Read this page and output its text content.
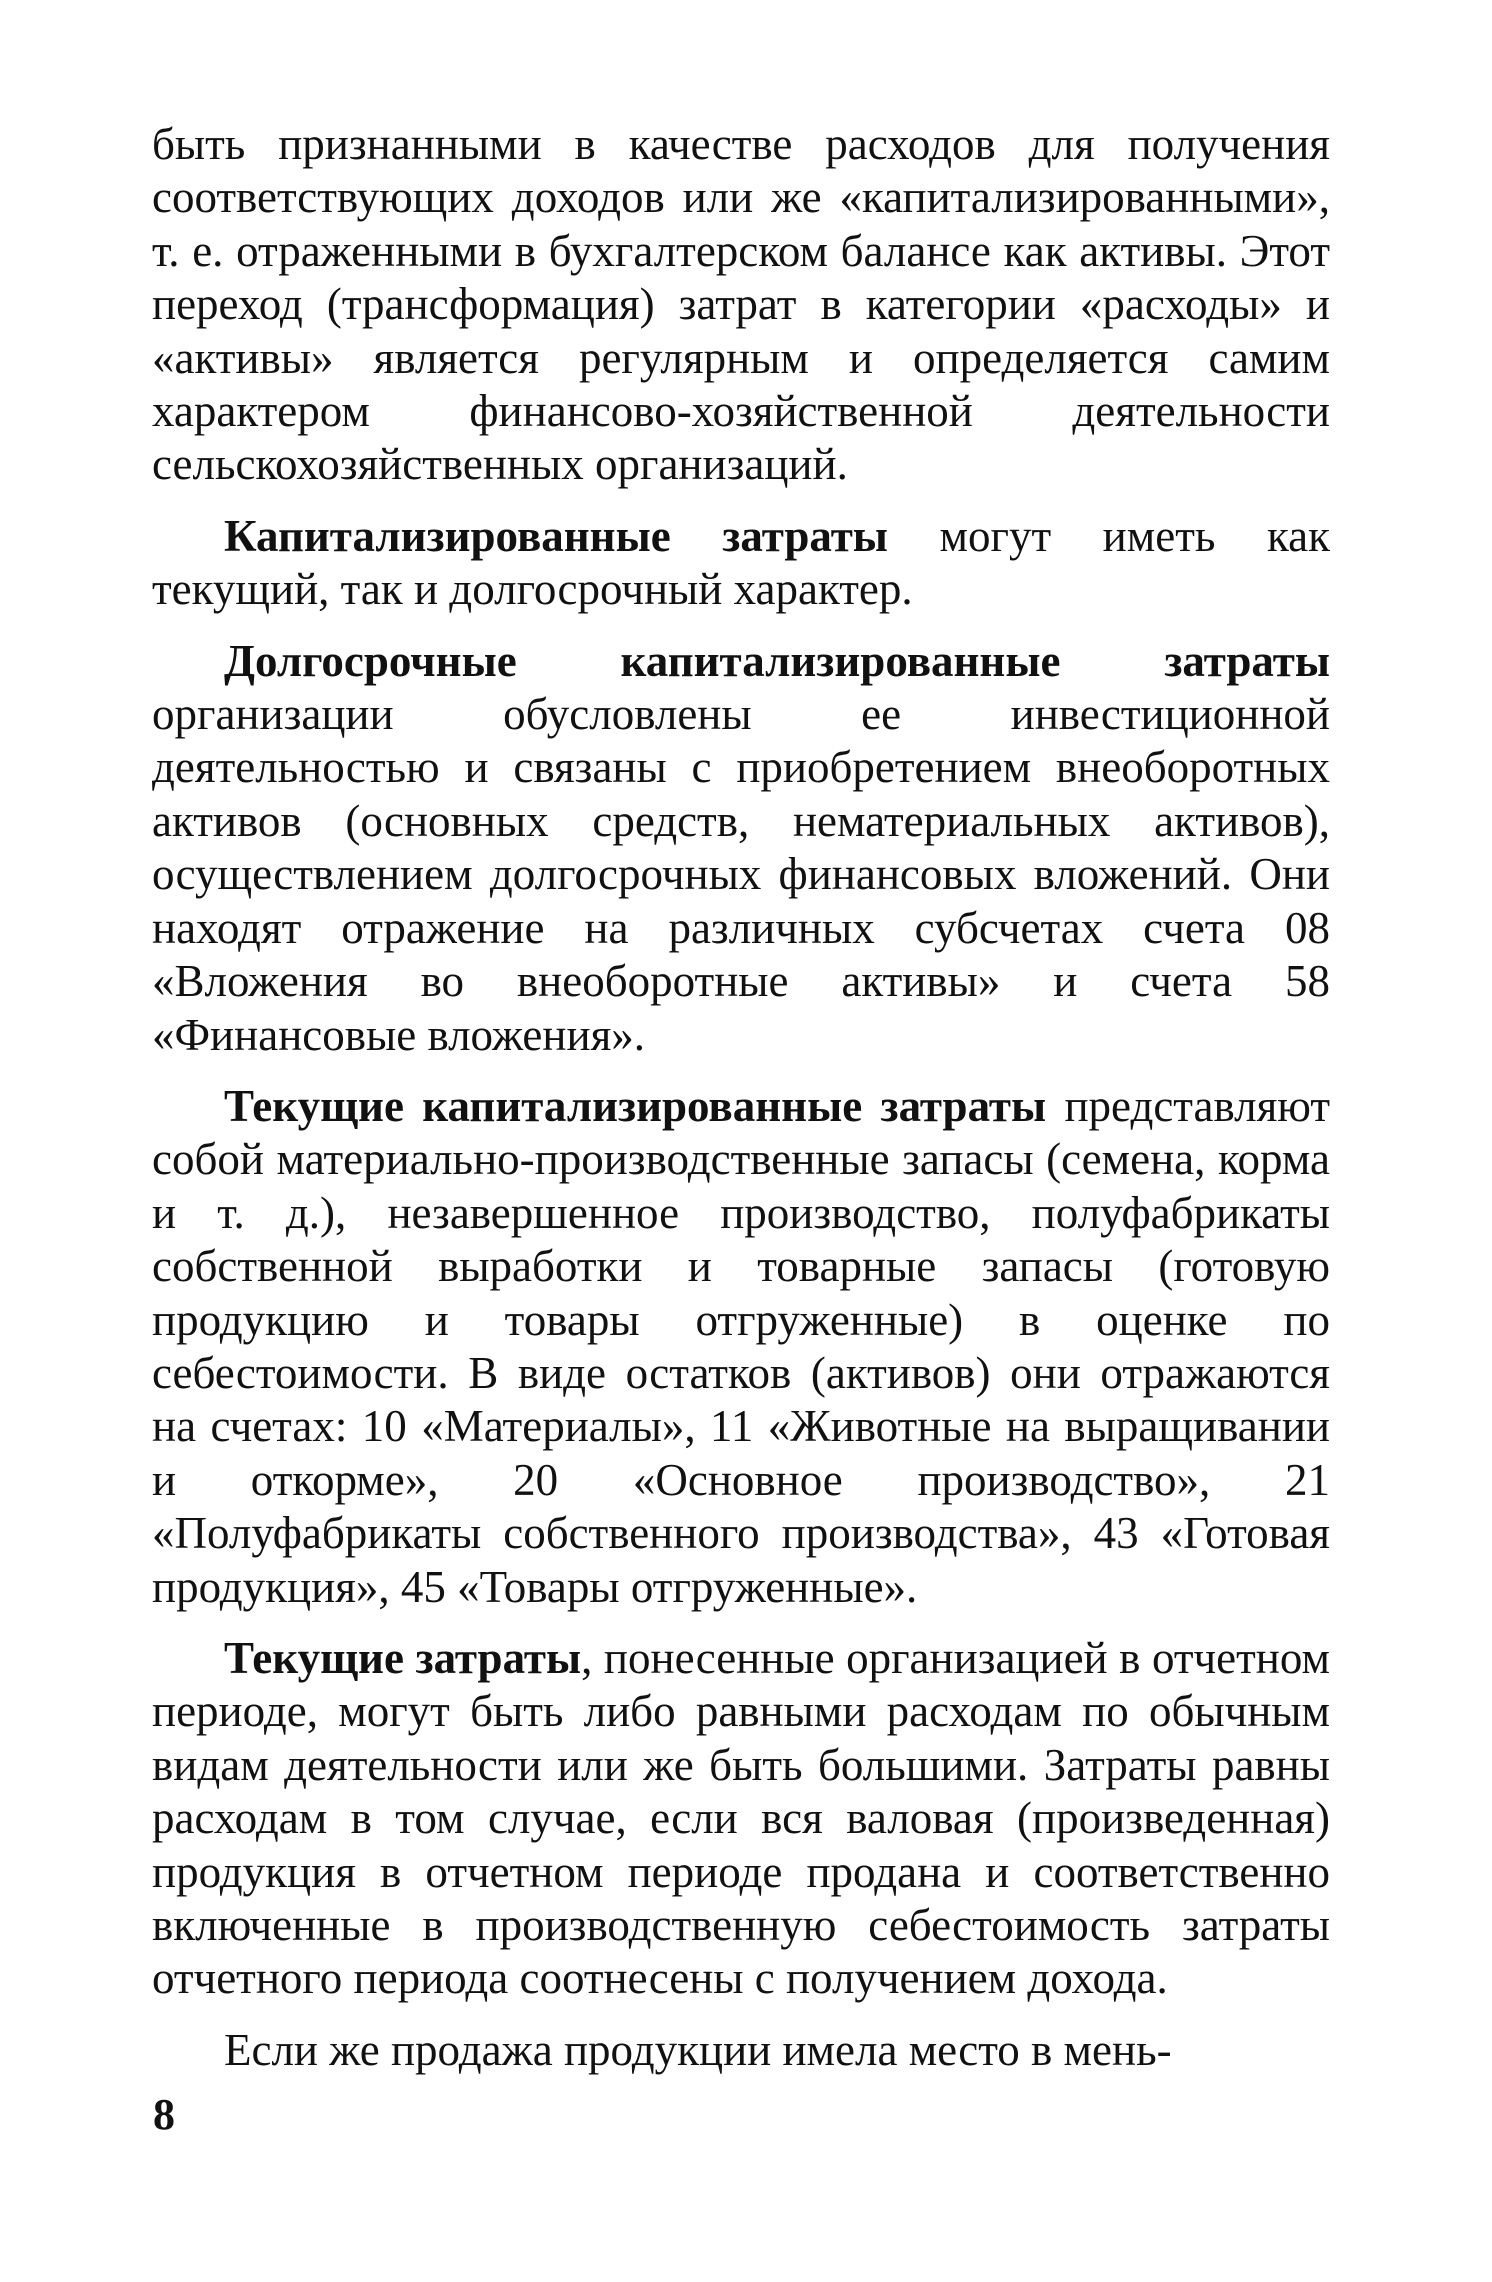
быть признанными в качестве расходов для получения соответствующих доходов или же «капитализированными», т. е. отраженными в бухгалтерском балансе как активы. Этот переход (трансформация) затрат в категории «расходы» и «активы» является регулярным и определяется самим характером финансово-хозяйственной деятельности сельскохозяйственных организаций.

Капитализированные затраты могут иметь как текущий, так и долгосрочный характер.

Долгосрочные капитализированные затраты организации обусловлены ее инвестиционной деятельностью и связаны с приобретением внеоборотных активов (основных средств, нематериальных активов), осуществлением долгосрочных финансовых вложений. Они находят отражение на различных субсчетах счета 08 «Вложения во внеоборотные активы» и счета 58 «Финансовые вложения».

Текущие капитализированные затраты представляют собой материально-производственные запасы (семена, корма и т. д.), незавершенное производство, полуфабрикаты собственной выработки и товарные запасы (готовую продукцию и товары отгруженные) в оценке по себестоимости. В виде остатков (активов) они отражаются на счетах: 10 «Материалы», 11 «Животные на выращивании и откорме», 20 «Основное производство», 21 «Полуфабрикаты собственного производства», 43 «Готовая продукция», 45 «Товары отгруженные».

Текущие затраты, понесенные организацией в отчетном периоде, могут быть либо равными расходам по обычным видам деятельности или же быть большими. Затраты равны расходам в том случае, если вся валовая (произведенная) продукция в отчетном периоде продана и соответственно включенные в производственную себестоимость затраты отчетного периода соотнесены с получением дохода.

Если же продажа продукции имела место в мень-

8
